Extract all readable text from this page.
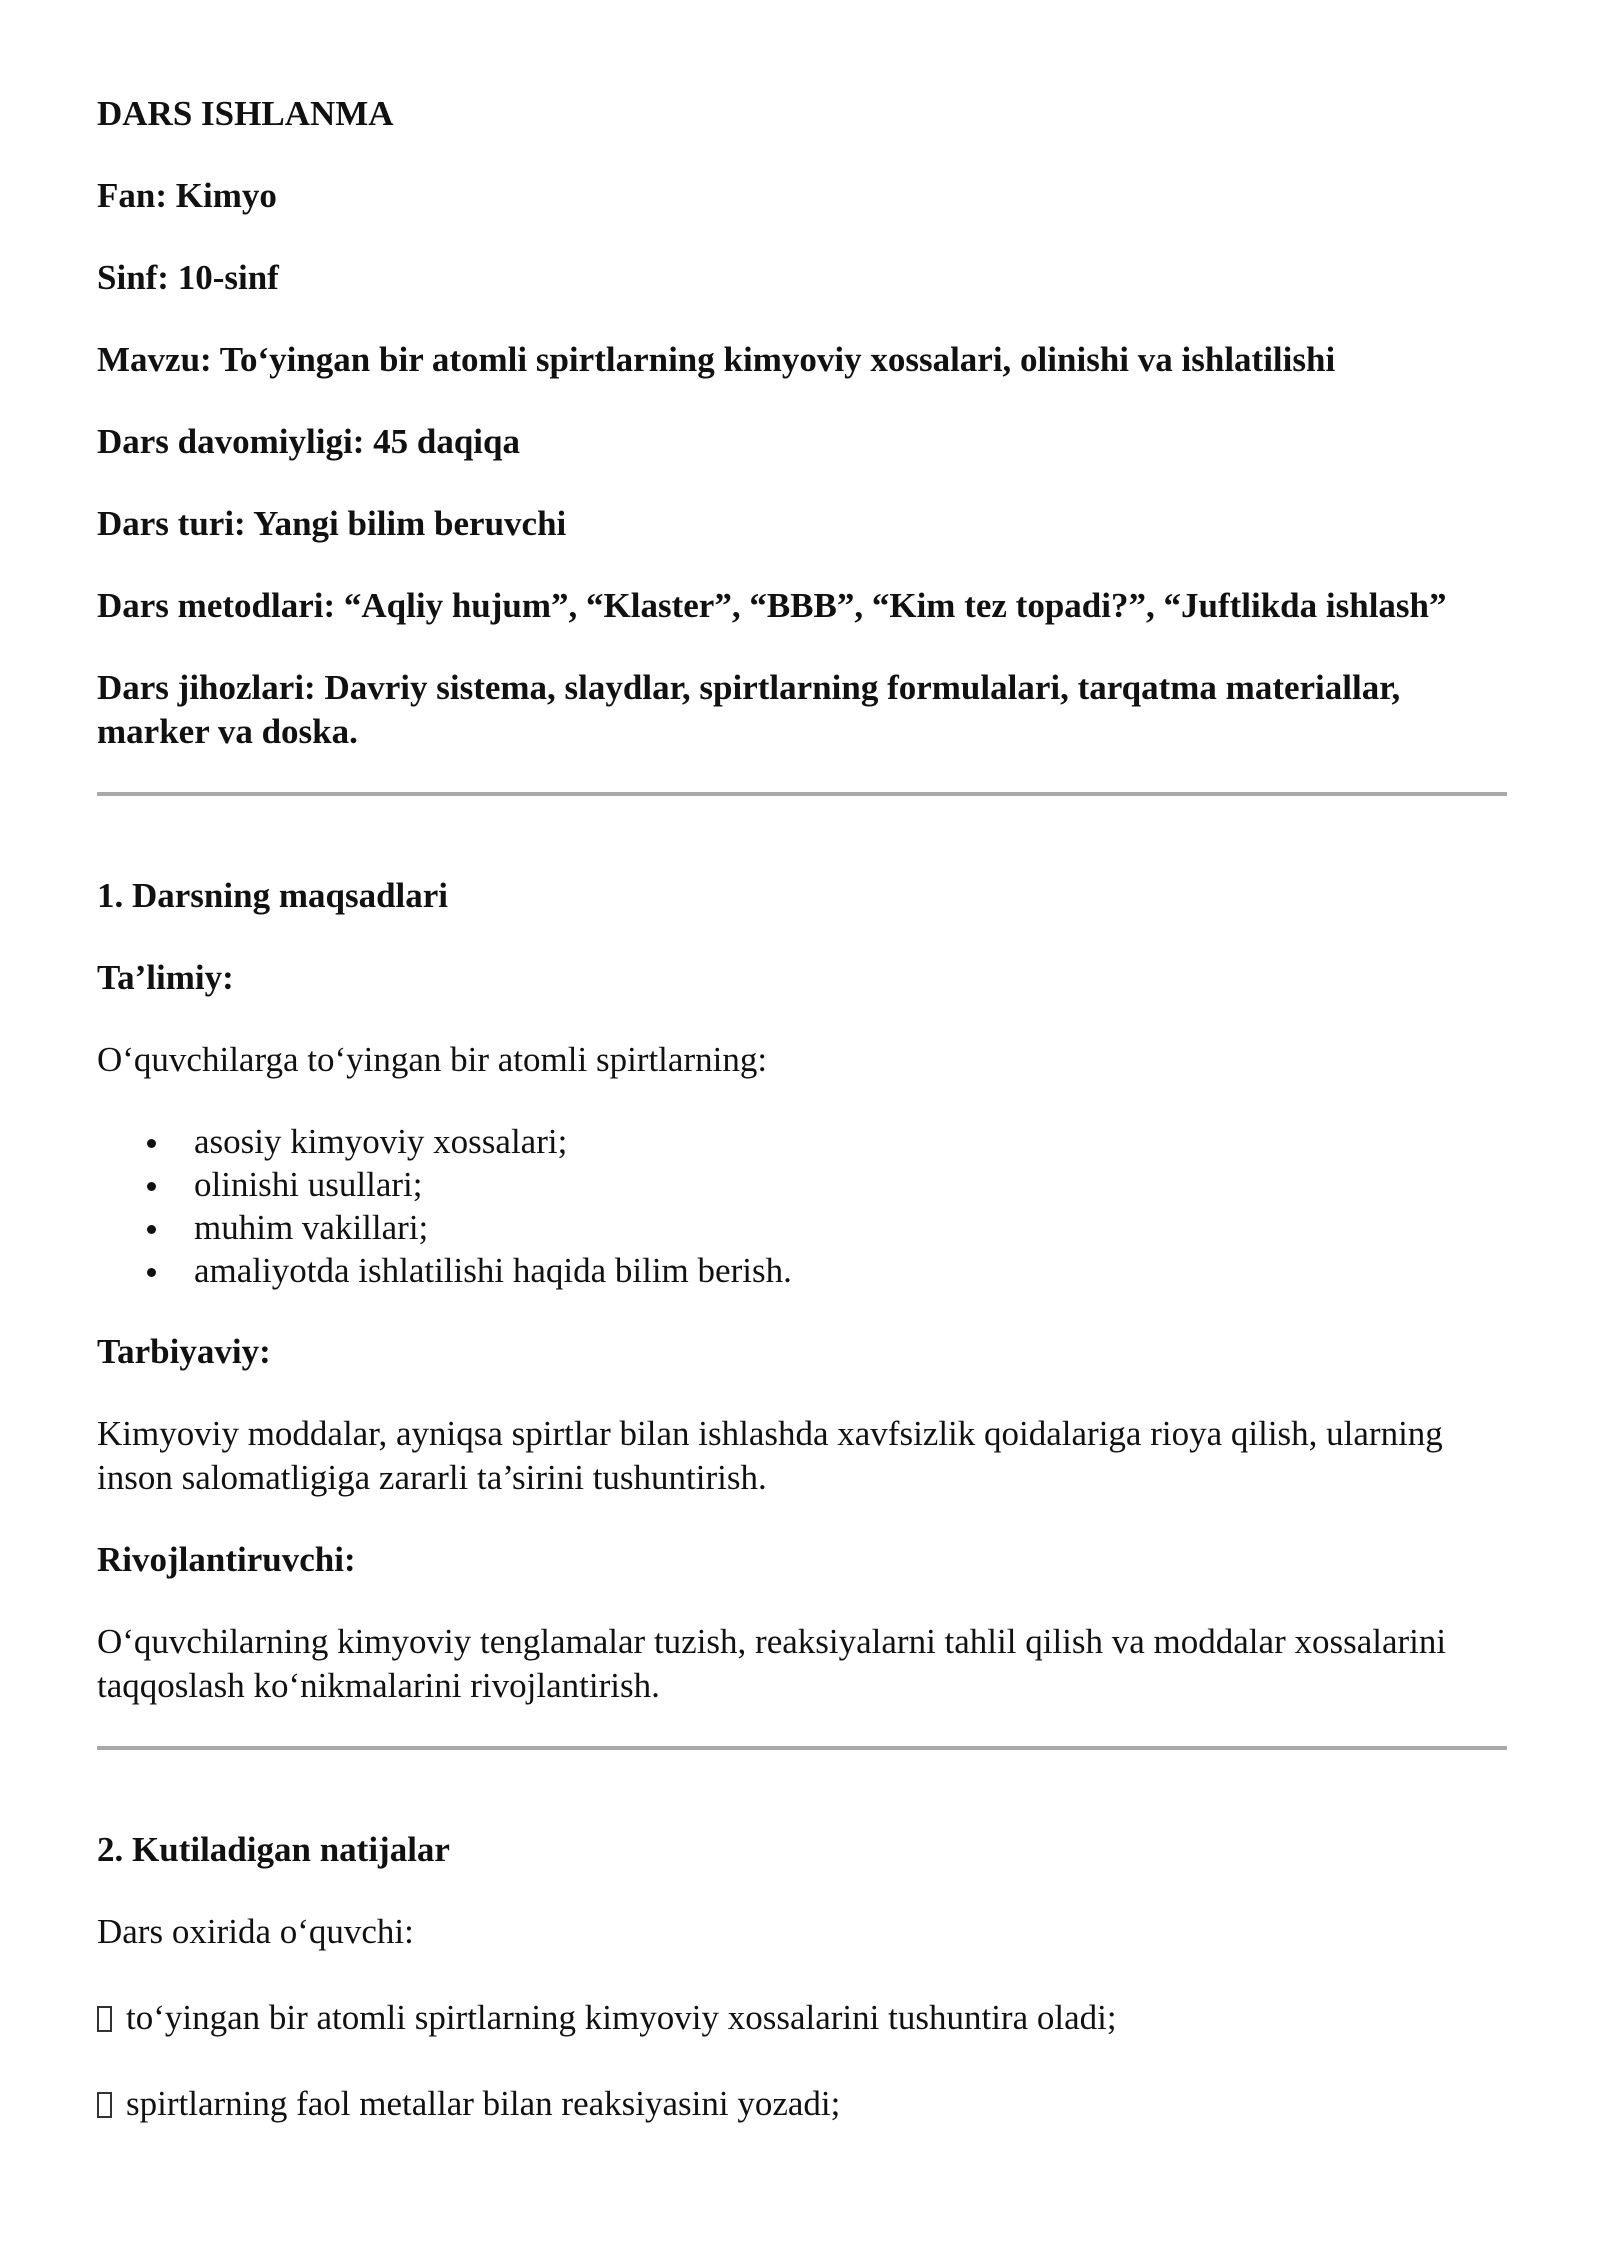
DARS ISHLANMA

Fan: Kimyo

Sinf: 10-sinf

Mavzu: To‘yingan bir atomli spirtlarning kimyoviy xossalari, olinishi va ishlatilishi

Dars davomiyligi: 45 daqiqa

Dars turi: Yangi bilim beruvchi

Dars metodlari: “Aqliy hujum”, “Klaster”, “BBB”, “Kim tez topadi?”, “Juftlikda ishlash”

Dars jihozlari: Davriy sistema, slaydlar, spirtlarning formulalari, tarqatma materiallar, marker va doska.

1. Darsning maqsadlari

Ta’limiy:

O‘quvchilarga to‘yingan bir atomli spirtlarning:

asosiy kimyoviy xossalari;
olinishi usullari;
muhim vakillari;
amaliyotda ishlatilishi haqida bilim berish.

Tarbiyaviy:

Kimyoviy moddalar, ayniqsa spirtlar bilan ishlashda xavfsizlik qoidalariga rioya qilish, ularning inson salomatligiga zararli ta’sirini tushuntirish.

Rivojlantiruvchi:

O‘quvchilarning kimyoviy tenglamalar tuzish, reaksiyalarni tahlil qilish va moddalar xossalarini taqqoslash ko‘nikmalarini rivojlantirish.

2. Kutiladigan natijalar

Dars oxirida o‘quvchi:

to‘yingan bir atomli spirtlarning kimyoviy xossalarini tushuntira oladi;

spirtlarning faol metallar bilan reaksiyasini yozadi;
